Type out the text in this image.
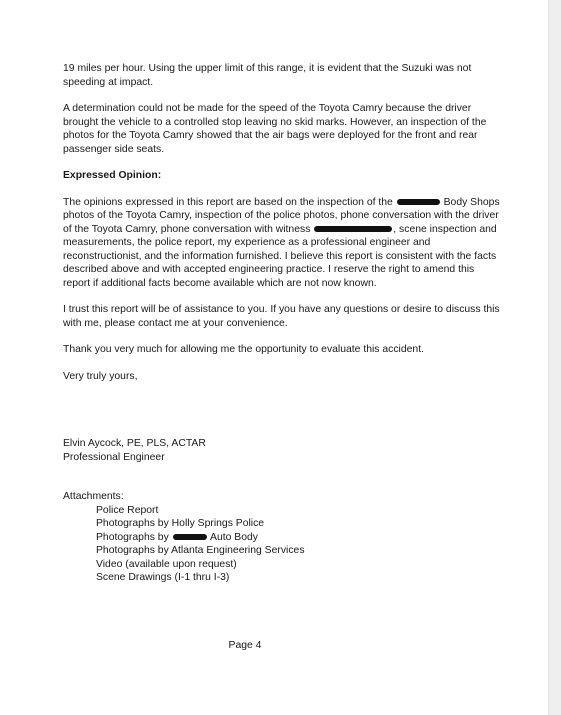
19 miles per hour. Using the upper limit of this range, it is evident that the Suzuki was not speeding at impact.

A determination could not be made for the speed of the Toyota Camry because the driver brought the vehicle to a controlled stop leaving no skid marks. However, an inspection of the photos for the Toyota Camry showed that the air bags were deployed for the front and rear passenger side seats.

Expressed Opinion:

The opinions expressed in this report are based on the inspection of the	Body Shops photos of the Toyota Camry, inspection of the police photos, phone conversation with the driver of the Toyota Camry, phone conversation with witness	, scene inspection and measurements, the police report, my experience as a professional engineer and reconstructionist, and the information furnished. I believe this report is consistent with the facts described above and with accepted engineering practice. I reserve the right to amend this report if additional facts become available which are not now known.

I trust this report will be of assistance to you. If you have any questions or desire to discuss this with me, please contact me at your convenience.

Thank you very much for allowing me the opportunity to evaluate this accident.

Very truly yours,

Elvin Aycock, PE, PLS, ACTAR
Professional Engineer

Attachments:

Police Report
Photographs by Holly Springs Police
Photographs by	Auto Body
Photographs by Atlanta Engineering Services
Video (available upon request)
Scene Drawings (I-1 thru I-3)
Page 4
